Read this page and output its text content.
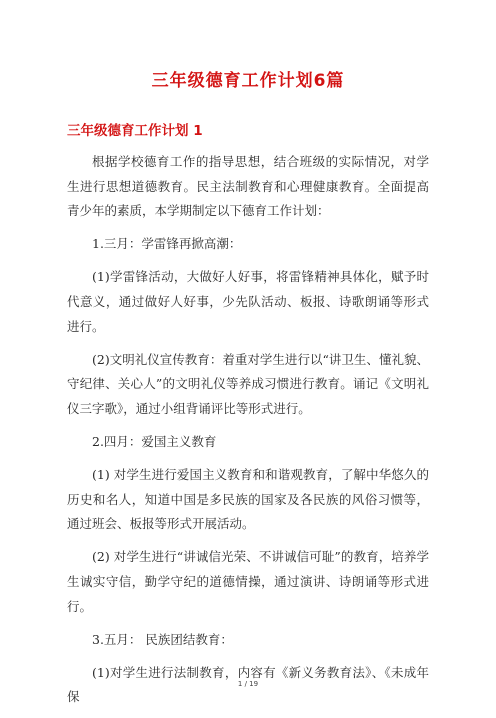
三年级德育工作计划6篇
三年级德育工作计划 1

根据学校德育工作的指导思想，结合班级的实际情况，对学生进行思想道德教育。民主法制教育和心理健康教育。全面提高青少年的素质，本学期制定以下德育工作计划：

1.三月：学雷锋再掀高潮：

(1)学雷锋活动，大做好人好事，将雷锋精神具体化，赋予时代意义，通过做好人好事，少先队活动、板报、诗歌朗诵等形式进行。

(2)文明礼仪宣传教育：着重对学生进行以“讲卫生、懂礼貌、守纪律、关心人”的文明礼仪等养成习惯进行教育。诵记《文明礼仪三字歌》，通过小组背诵评比等形式进行。

2.四月：爱国主义教育

(1) 对学生进行爱国主义教育和和谐观教育，了解中华悠久的历史和名人，知道中国是多民族的国家及各民族的风俗习惯等，通过班会、板报等形式开展活动。

(2) 对学生进行“讲诚信光荣、不讲诚信可耻”的教育，培养学生诚实守信，勤学守纪的道德情操，通过演讲、诗朗诵等形式进行。

3.五月： 民族团结教育：

(1)对学生进行法制教育，内容有《新义务教育法》、《未成年保

1 / 19
